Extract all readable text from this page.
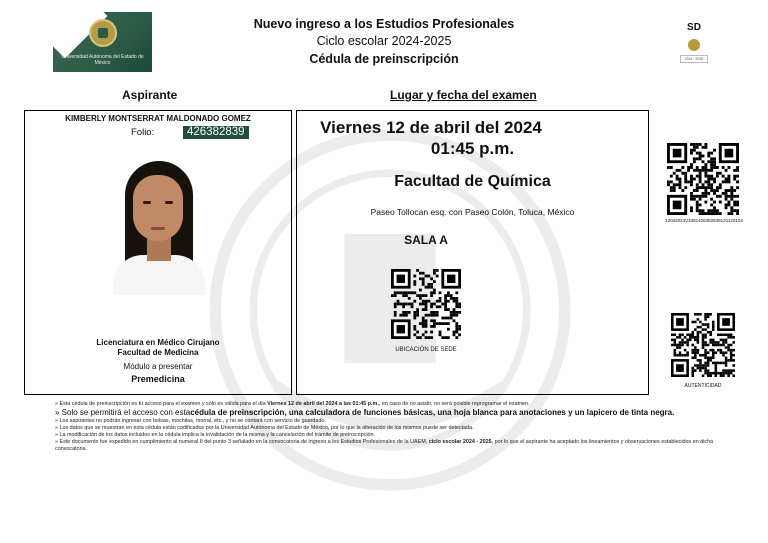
Universidad Autónoma del Estado de México
Nuevo ingreso a los Estudios Profesionales
Ciclo escolar 2024-2025
Cédula de preinscripción
SD
2024 · 2025
Aspirante	Lugar y fecha del examen
KIMBERLY MONTSERRAT MALDONADO GOMEZ
Folio:	426382839
Licenciatura en Médico Cirujano
Facultad de Medicina
Módulo a presentar
Premedicina
Viernes 12 de abril del 2024
01:45 p.m.
Facultad de Química
Paseo Tollocan esq. con Paseo Colón, Toluca, México
SALA A
UBICACIÓN DE SEDE
12042024V3481426382839131120104
AUTENTICIDAD
» Esta cédula de preinscripción es tu acceso para el examen y sólo es válida para el día Viernes 12 de abril del 2024 a las 01:45 p.m., en caso de no asistir, no será posible reprogramar el examen.
» Solo se permitirá el acceso con estacédula de preinscripción, una calculadora de funciones básicas, una hoja blanca para anotaciones y un lapicero de tinta negra.
» Los aspirantes no podrán ingresar con bolsas, mochilas, morral, etc., y no se contará con servicio de guardado.
» Los datos que se muestran en esta cédula están codificados por la Universidad Autónoma del Estado de México, por lo que la alteración de los mismos puede ser detectada.
» La modificación de los datos incluidos en la cédula implica la invalidación de la misma y la cancelación del trámite de preinscripción.
» Este documento fue expedido en cumplimiento al numeral II del punto 3 señalado en la convocatoria de ingreso a los Estudios Profesionales de la UAEM, ciclo escolar 2024 - 2025, por lo que el aspirante ha aceptado los lineamientos y observaciones establecidos en dicha convocatoria.
